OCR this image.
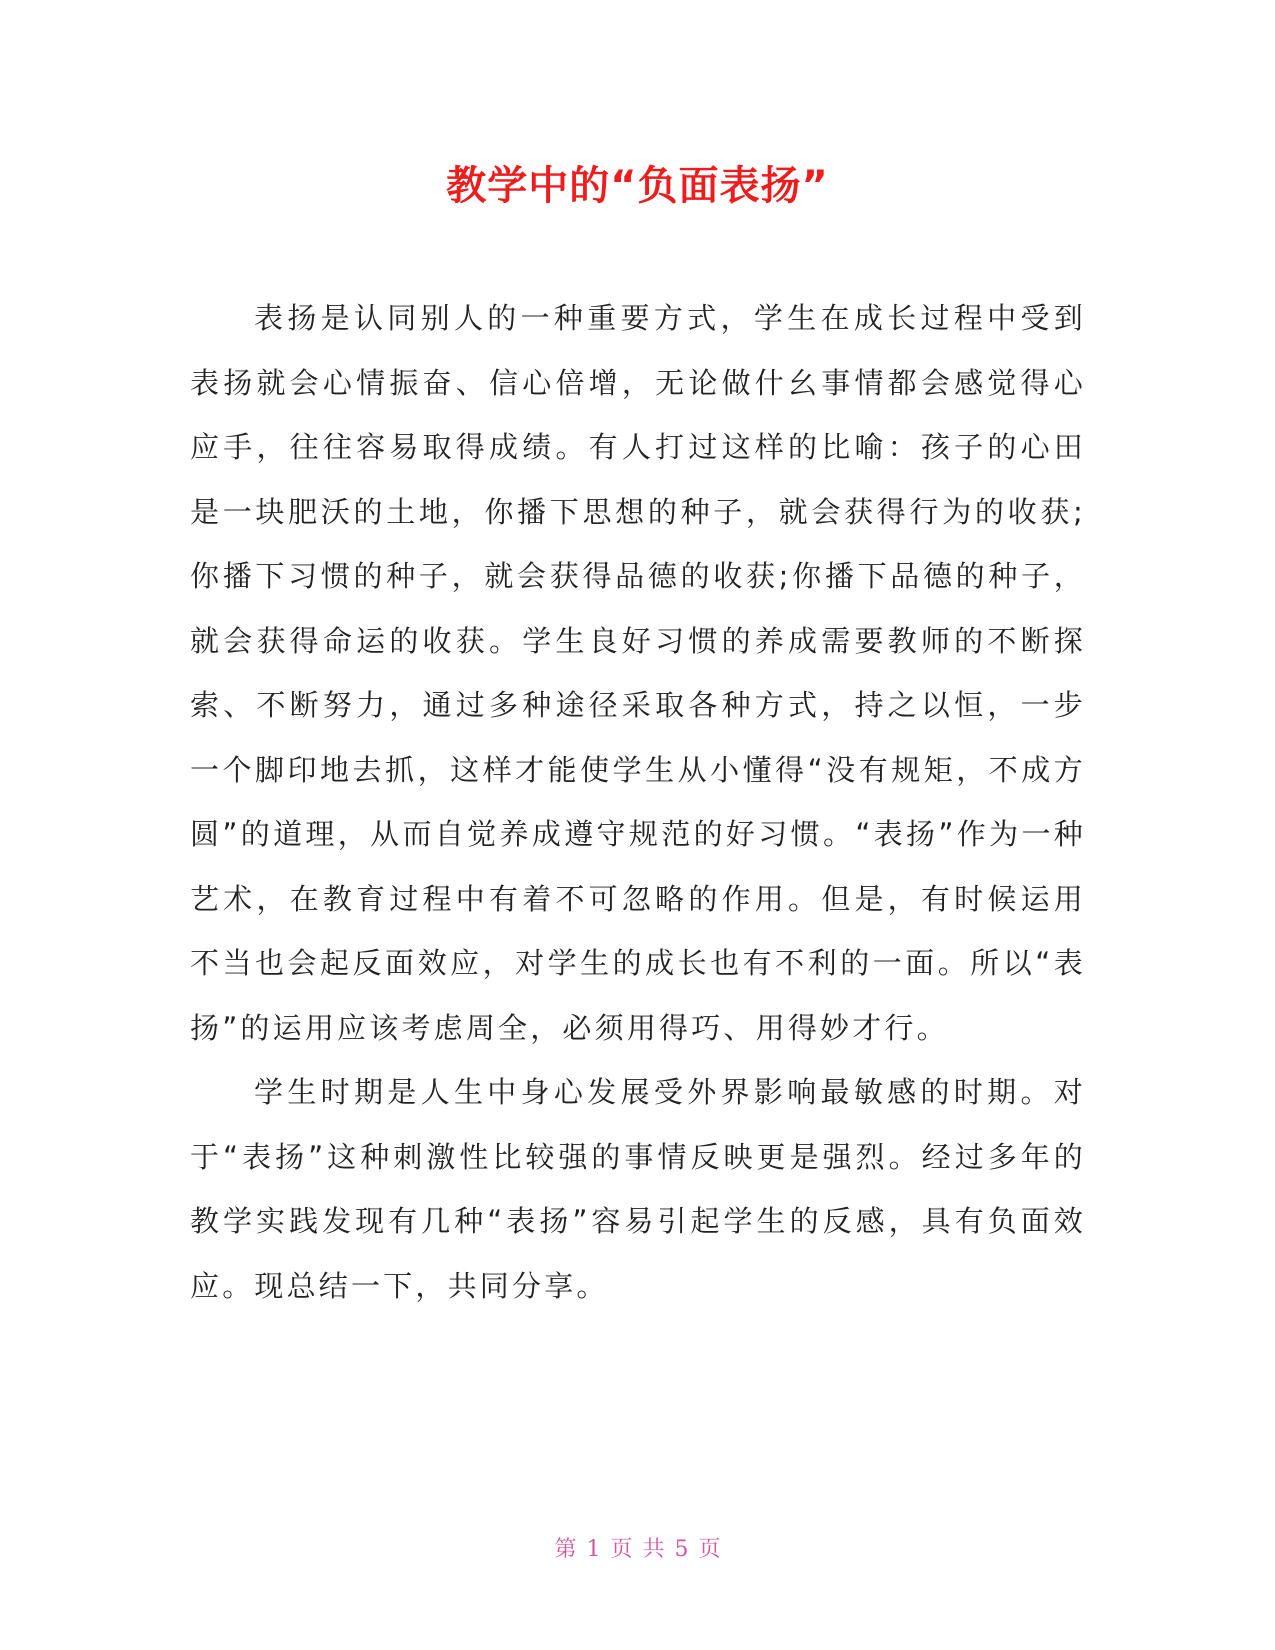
教学中的“负面表扬”

表扬是认同别人的一种重要方式，学生在成长过程中受到表扬就会心情振奋、信心倍增，无论做什幺事情都会感觉得心应手，往往容易取得成绩。有人打过这样的比喻：孩子的心田是一块肥沃的土地，你播下思想的种子，就会获得行为的收获;你播下习惯的种子，就会获得品德的收获;你播下品德的种子，就会获得命运的收获。学生良好习惯的养成需要教师的不断探索、不断努力，通过多种途径采取各种方式，持之以恒，一步一个脚印地去抓，这样才能使学生从小懂得“没有规矩，不成方圆”的道理，从而自觉养成遵守规范的好习惯。“表扬”作为一种艺术，在教育过程中有着不可忽略的作用。但是，有时候运用不当也会起反面效应，对学生的成长也有不利的一面。所以“表扬”的运用应该考虑周全，必须用得巧、用得妙才行。

学生时期是人生中身心发展受外界影响最敏感的时期。对于“表扬”这种刺激性比较强的事情反映更是强烈。经过多年的教学实践发现有几种“表扬”容易引起学生的反感，具有负面效应。现总结一下，共同分享。

第 1 页 共 5 页
